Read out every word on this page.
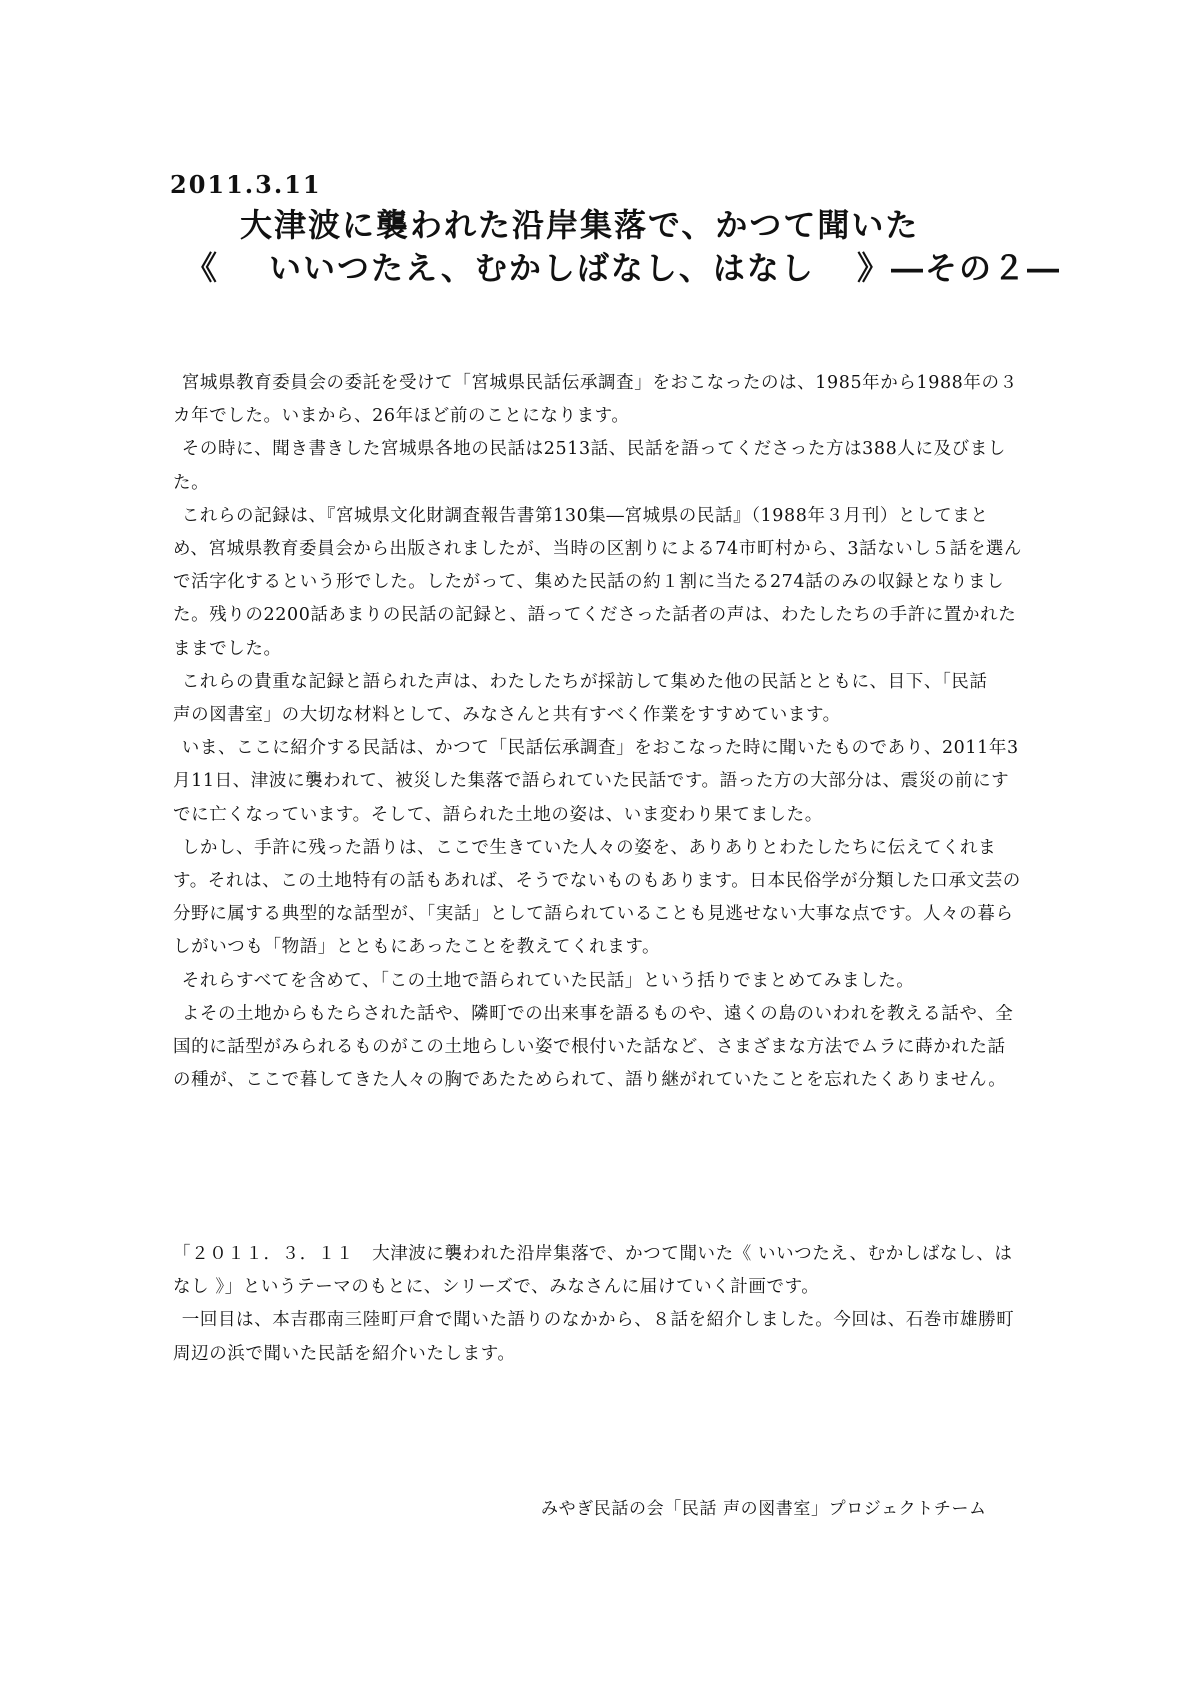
2011.3.11
大津波に襲われた沿岸集落で、かつて聞いた
《 いいつたえ、むかしばなし、はなし 》―その２―

宮城県教育委員会の委託を受けて「宮城県民話伝承調査」をおこなったのは、1985年から1988年の３カ年でした。いまから、26年ほど前のことになります。

その時に、聞き書きした宮城県各地の民話は2513話、民話を語ってくださった方は388人に及びました。

これらの記録は、『宮城県文化財調査報告書第130集―宮城県の民話』（1988年３月刊）としてまとめ、宮城県教育委員会から出版されましたが、当時の区割りによる74市町村から、3話ないし５話を選んで活字化するという形でした。したがって、集めた民話の約１割に当たる274話のみの収録となりました。残りの2200話あまりの民話の記録と、語ってくださった話者の声は、わたしたちの手許に置かれたままでした。

これらの貴重な記録と語られた声は、わたしたちが採訪して集めた他の民話とともに、目下、「民話　声の図書室」の大切な材料として、みなさんと共有すべく作業をすすめています。

いま、ここに紹介する民話は、かつて「民話伝承調査」をおこなった時に聞いたものであり、2011年3月11日、津波に襲われて、被災した集落で語られていた民話です。語った方の大部分は、震災の前にすでに亡くなっています。そして、語られた土地の姿は、いま変わり果てました。

しかし、手許に残った語りは、ここで生きていた人々の姿を、ありありとわたしたちに伝えてくれます。それは、この土地特有の話もあれば、そうでないものもあります。日本民俗学が分類した口承文芸の分野に属する典型的な話型が、「実話」として語られていることも見逃せない大事な点です。人々の暮らしがいつも「物語」とともにあったことを教えてくれます。

それらすべてを含めて、「この土地で語られていた民話」という括りでまとめてみました。

よその土地からもたらされた話や、隣町での出来事を語るものや、遠くの島のいわれを教える話や、全国的に話型がみられるものがこの土地らしい姿で根付いた話など、さまざまな方法でムラに蒔かれた話の種が、ここで暮してきた人々の胸であたためられて、語り継がれていたことを忘れたくありません。

「２０１１．３．１１　大津波に襲われた沿岸集落で、かつて聞いた《 いいつたえ、むかしばなし、はなし 》」というテーマのもとに、シリーズで、みなさんに届けていく計画です。

一回目は、本吉郡南三陸町戸倉で聞いた語りのなかから、８話を紹介しました。今回は、石巻市雄勝町周辺の浜で聞いた民話を紹介いたします。

みやぎ民話の会「民話 声の図書室」プロジェクトチーム
